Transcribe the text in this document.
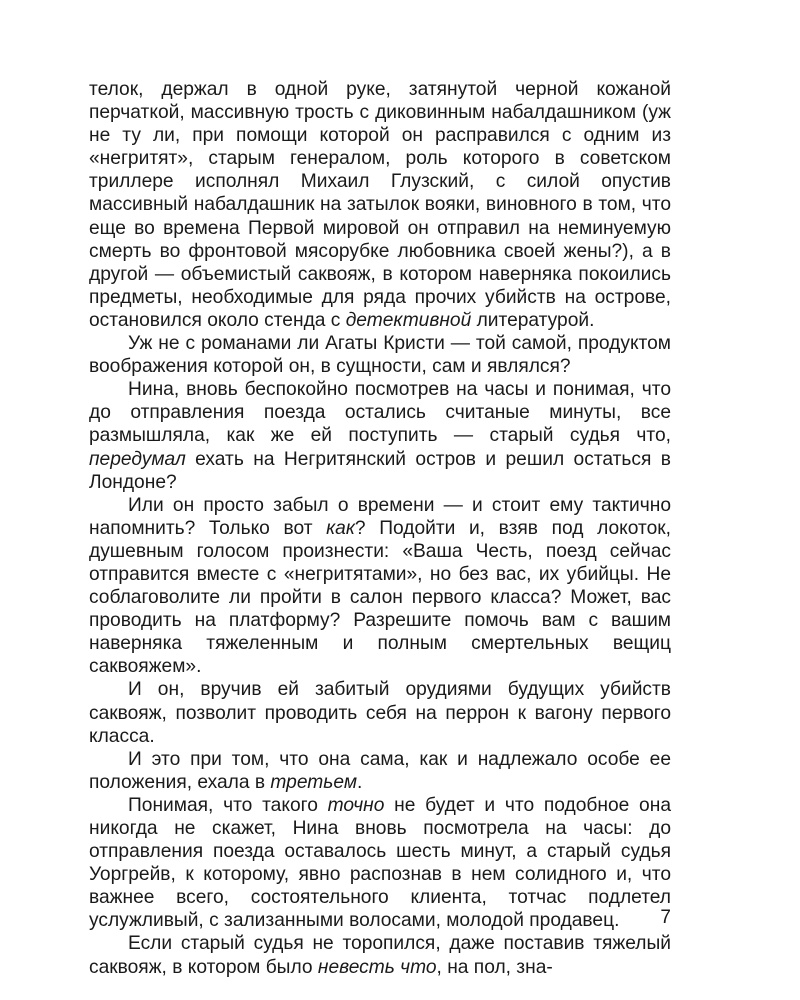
телок, держал в одной руке, затянутой черной кожаной перчаткой, массивную трость с диковинным набалдашником (уж не ту ли, при помощи которой он расправился с одним из «негритят», старым генералом, роль которого в советском триллере исполнял Михаил Глузский, с силой опустив массивный набалдашник на затылок вояки, виновного в том, что еще во времена Первой мировой он отправил на неминуемую смерть во фронтовой мясорубке любовника своей жены?), а в другой — объемистый саквояж, в котором наверняка покоились предметы, необходимые для ряда прочих убийств на острове, остановился около стенда с детективной литературой.

Уж не с романами ли Агаты Кристи — той самой, продуктом воображения которой он, в сущности, сам и являлся?

Нина, вновь беспокойно посмотрев на часы и понимая, что до отправления поезда остались считаные минуты, все размышляла, как же ей поступить — старый судья что, передумал ехать на Негритянский остров и решил остаться в Лондоне?

Или он просто забыл о времени — и стоит ему тактично напомнить? Только вот как? Подойти и, взяв под локоток, душевным голосом произнести: «Ваша Честь, поезд сейчас отправится вместе с «негритятами», но без вас, их убийцы. Не соблаговолите ли пройти в салон первого класса? Может, вас проводить на платформу? Разрешите помочь вам с вашим наверняка тяжеленным и полным смертельных вещиц саквояжем».

И он, вручив ей забитый орудиями будущих убийств саквояж, позволит проводить себя на перрон к вагону первого класса.

И это при том, что она сама, как и надлежало особе ее положения, ехала в третьем.

Понимая, что такого точно не будет и что подобное она никогда не скажет, Нина вновь посмотрела на часы: до отправления поезда оставалось шесть минут, а старый судья Уоргрейв, к которому, явно распознав в нем солидного и, что важнее всего, состоятельного клиента, тотчас подлетел услужливый, с зализанными волосами, молодой продавец.

Если старый судья не торопился, даже поставив тяжелый саквояж, в котором было невесть что, на пол, зна-

7
